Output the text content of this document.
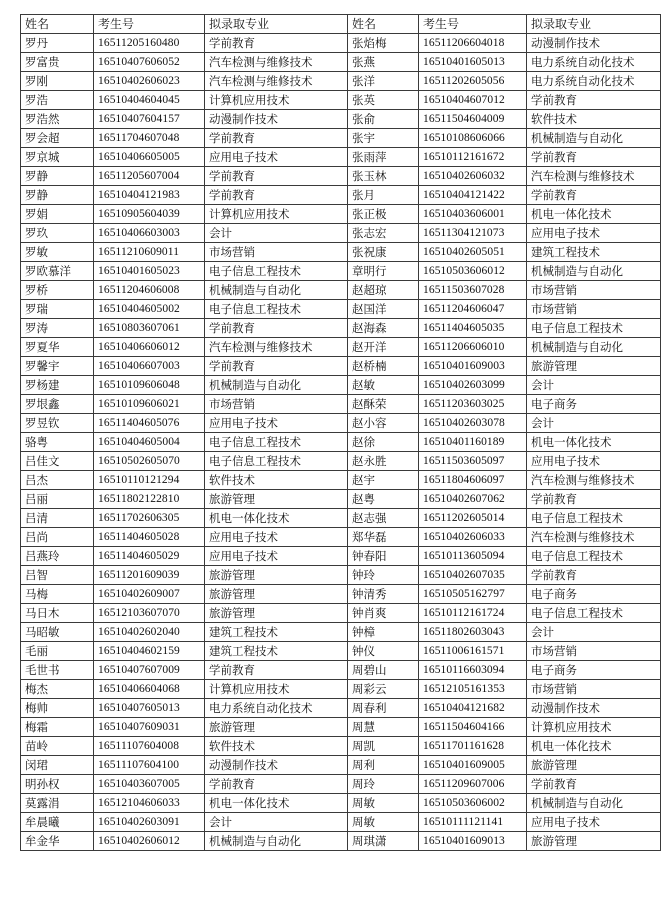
姓名	考生号	拟录取专业	姓名	考生号	拟录取专业
罗丹	16511205160480	学前教育	张焰梅	16511206604018	动漫制作技术
罗富贵	16510407606052	汽车检测与维修技术	张燕	16510401605013	电力系统自动化技术
罗刚	16510402606023	汽车检测与维修技术	张洋	16511202605056	电力系统自动化技术
罗浩	16510404604045	计算机应用技术	张英	16510404607012	学前教育
罗浩然	16510407604157	动漫制作技术	张俞	16511504604009	软件技术
罗会超	16511704607048	学前教育	张宇	16510108606066	机械制造与自动化
罗京城	16510406605005	应用电子技术	张雨萍	16510112161672	学前教育
罗静	16511205607004	学前教育	张玉林	16510402606032	汽车检测与维修技术
罗静	16510404121983	学前教育	张月	16510404121422	学前教育
罗娟	16510905604039	计算机应用技术	张正极	16510403606001	机电一体化技术
罗玖	16510406603003	会计	张志宏	16511304121073	应用电子技术
罗敏	16511210609011	市场营销	张祝康	16510402605051	建筑工程技术
罗欧慕洋	16510401605023	电子信息工程技术	章明行	16510503606012	机械制造与自动化
罗桥	16511204606008	机械制造与自动化	赵超琼	16511503607028	市场营销
罗瑞	16510404605002	电子信息工程技术	赵国洋	16511204606047	市场营销
罗涛	16510803607061	学前教育	赵海森	16511404605035	电子信息工程技术
罗夏华	16510406606012	汽车检测与维修技术	赵开洋	16511206606010	机械制造与自动化
罗馨宇	16510406607003	学前教育	赵桥楠	16510401609003	旅游管理
罗杨建	16510109606048	机械制造与自动化	赵敏	16510402603099	会计
罗垠鑫	16510109606021	市场营销	赵酥荣	16511203603025	电子商务
罗昱钦	16511404605076	应用电子技术	赵小容	16510402603078	会计
骆粤	16510404605004	电子信息工程技术	赵徐	16510401160189	机电一体化技术
吕佳文	16510502605070	电子信息工程技术	赵永胜	16511503605097	应用电子技术
吕杰	16510110121294	软件技术	赵宇	16511804606097	汽车检测与维修技术
吕丽	16511802122810	旅游管理	赵粤	16510402607062	学前教育
吕清	16511702606305	机电一体化技术	赵志强	16511202605014	电子信息工程技术
吕尚	16511404605028	应用电子技术	郑华磊	16510402606033	汽车检测与维修技术
吕燕玲	16511404605029	应用电子技术	钟春阳	16510113605094	电子信息工程技术
吕智	16511201609039	旅游管理	钟玲	16510402607035	学前教育
马梅	16510402609007	旅游管理	钟清秀	16510505162797	电子商务
马日木	16512103607070	旅游管理	钟肖爽	16510112161724	电子信息工程技术
马昭敏	16510402602040	建筑工程技术	钟樟	16511802603043	会计
毛丽	16510404602159	建筑工程技术	钟仪	16511006161571	市场营销
毛世书	16510407607009	学前教育	周碧山	16510116603094	电子商务
梅杰	16510406604068	计算机应用技术	周彩云	16512105161353	市场营销
梅帅	16510407605013	电力系统自动化技术	周春利	16510404121682	动漫制作技术
梅霜	16510407609031	旅游管理	周慧	16511504604166	计算机应用技术
苗岭	16511107604008	软件技术	周凯	16511701161628	机电一体化技术
闵珺	16511107604100	动漫制作技术	周利	16510401609005	旅游管理
明孙权	16510403607005	学前教育	周玲	16511209607006	学前教育
莫露涓	16512104606033	机电一体化技术	周敏	16510503606002	机械制造与自动化
牟晨曦	16510402603091	会计	周敏	16510111121141	应用电子技术
牟金华	16510402606012	机械制造与自动化	周琪潇	16510401609013	旅游管理
